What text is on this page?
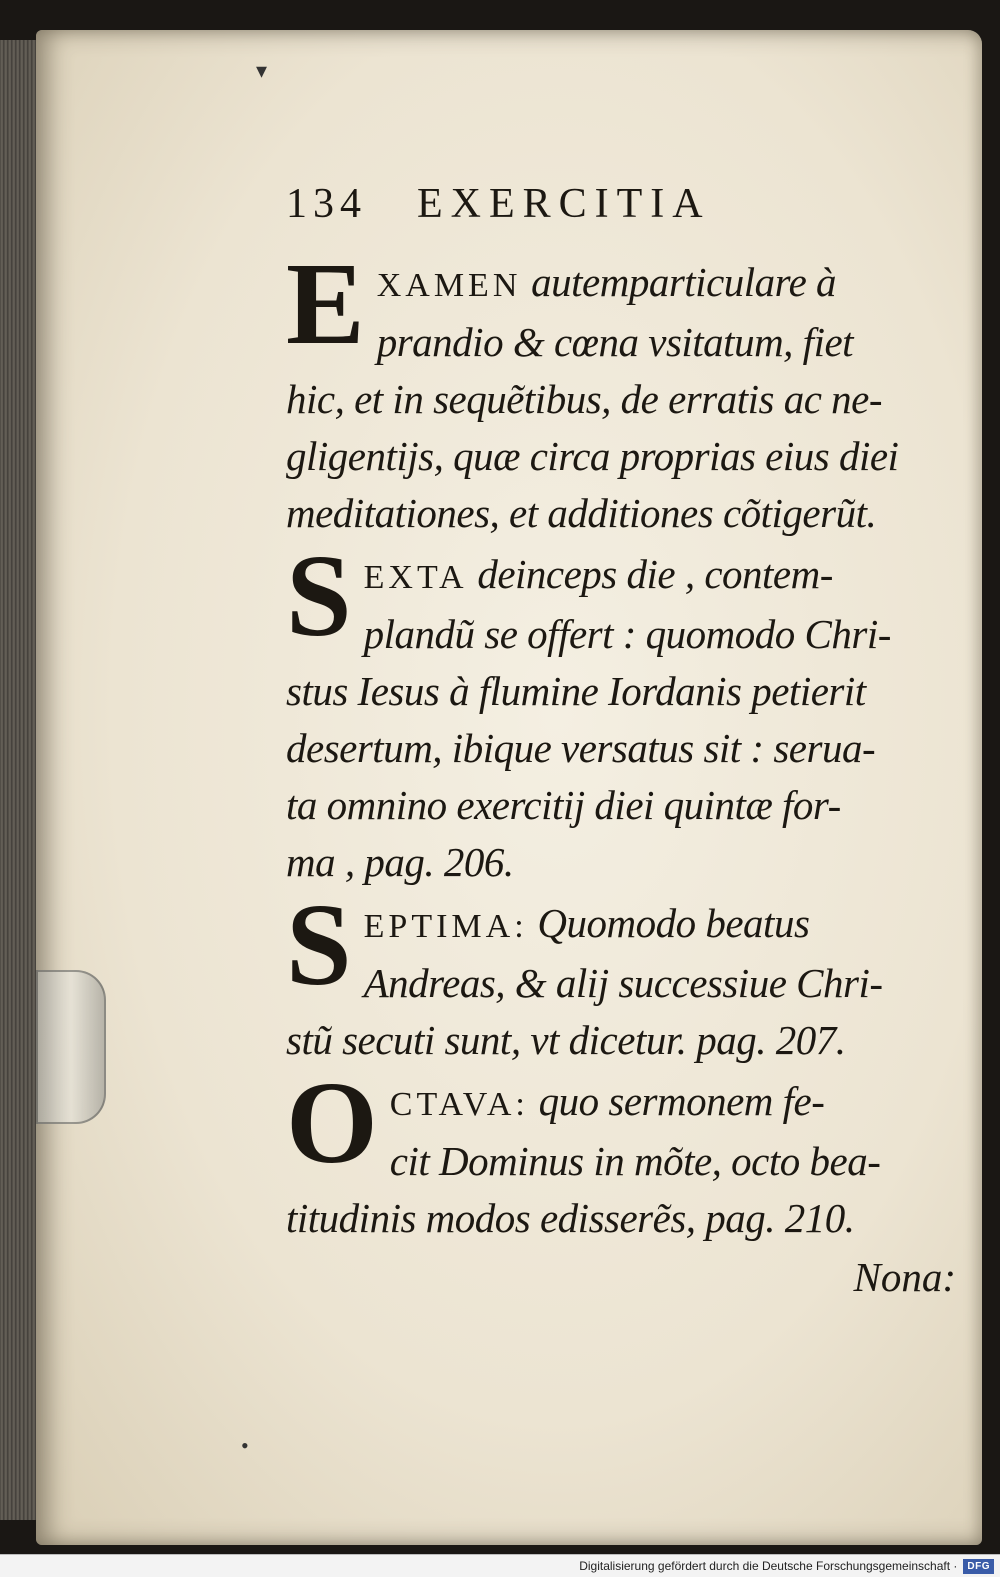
▾
•
134 EXERCITIA
E XAMEN autemparticulare à
prandio & cœna vsitatum, fiet
hic, et in sequẽtibus, de erratis ac ne-
gligentijs, quæ circa proprias eius diei
meditationes, et additiones cõtigerũt.
S EXTA deinceps die , contem-
plandũ se offert : quomodo Chri-
stus Iesus à flumine Iordanis petierit
desertum, ibique versatus sit : serua-
ta omnino exercitij diei quintæ for-
ma , pag. 206.
S EPTIMA: Quomodo beatus
Andreas, & alij successiue Chri-
stũ secuti sunt, vt dicetur. pag. 207.
O CTAVA: quo sermonem fe-
cit Dominus in mõte, octo bea-
titudinis modos edisserẽs, pag. 210.
Nona:
Digitalisierung gefördert durch die Deutsche Forschungsgemeinschaft ·	DFG
